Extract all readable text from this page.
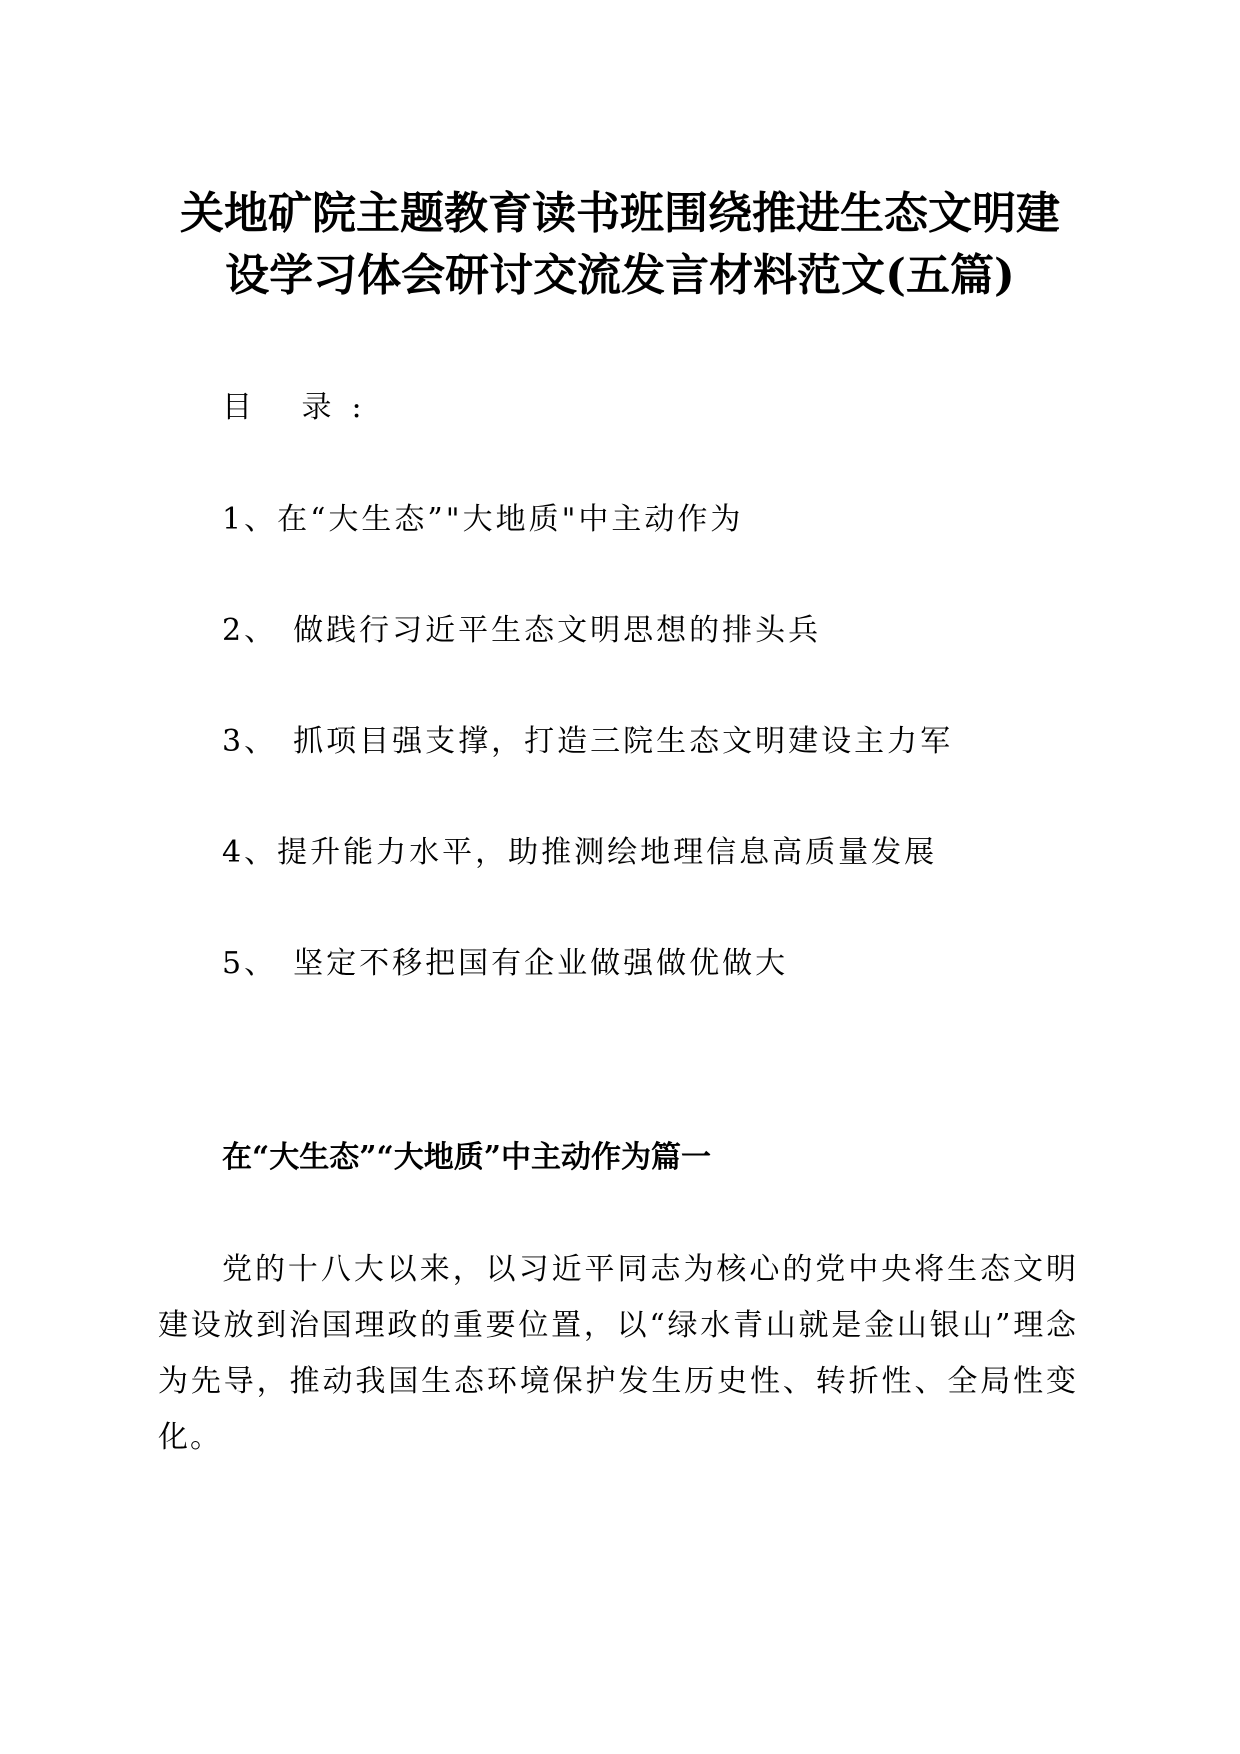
关地矿院主题教育读书班围绕推进生态文明建
设学习体会研讨交流发言材料范文(五篇)
目 录:
1、在“大生态”"大地质"中主动作为
2、 做践行习近平生态文明思想的排头兵
3、 抓项目强支撑，打造三院生态文明建设主力军
4、提升能力水平，助推测绘地理信息高质量发展
5、 坚定不移把国有企业做强做优做大
在“大生态”“大地质”中主动作为篇一

党的十八大以来，以习近平同志为核心的党中央将生态文明建设放到治国理政的重要位置，以“绿水青山就是金山银山”理念为先导，推动我国生态环境保护发生历史性、转折性、全局性变化。
